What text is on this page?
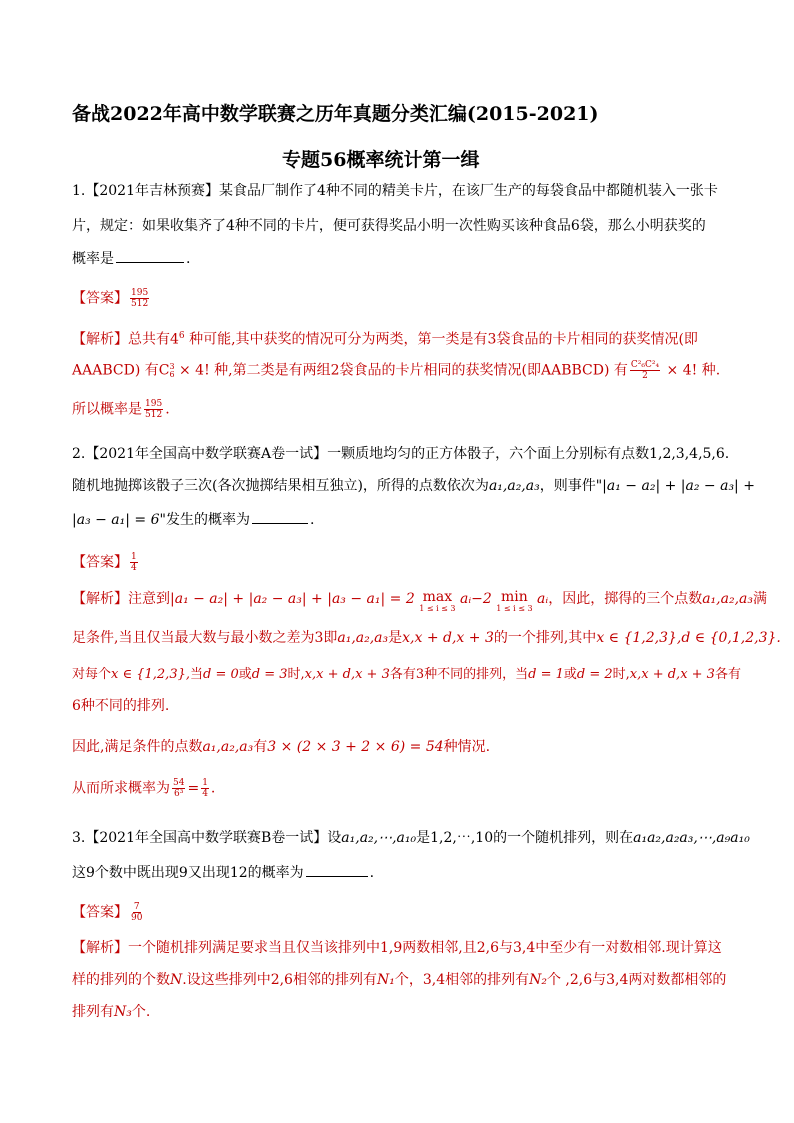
备战2022年高中数学联赛之历年真题分类汇编(2015-2021)
专题56概率统计第一缉
1.【2021年吉林预赛】某食品厂制作了4种不同的精美卡片，在该厂生产的每袋食品中都随机装入一张卡
片，规定：如果收集齐了4种不同的卡片，便可获得奖品小明一次性购买该种食品6袋，那么小明获奖的
概率是	.
【答案】 $\frac{195}{512}$
【解析】总共有$4^6$ 种可能,其中获奖的情况可分为两类，第一类是有3袋食品的卡片相同的获奖情况(即
AAABCD) 有C 3
6 × 4! 种,第二类是有两组2袋食品的卡片相同的获奖情况(即AABBCD) 有 $\frac{\text{C²₆C²₄}}{2} \times 4$! 种.
所以概率是 $\frac{195}{512}$ .
2.【2021年全国高中数学联赛A卷一试】一颗质地均匀的正方体骰子，六个面上分别标有点数1,2,3,4,5,6.
随机地抛掷该骰子三次(各次抛掷结果相互独立)，所得的点数依次为a₁,a₂,a₃，则事件"|a₁ − a₂| + |a₂ − a₃| +
|a₃ − a₁| = 6"发生的概率为	.
【答案】 $\frac{1}{4}$
【解析】注意到|a₁ − a₂| + |a₂ − a₃| + |a₃ − a₁| = 2 max
1 ≤ i ≤ 3
aᵢ−2 min
1 ≤ i ≤ 3
aᵢ，因此，掷得的三个点数a₁,a₂,a₃满
足条件,当且仅当最大数与最小数之差为3即a₁,a₂,a₃是x,x + d,x + 3的一个排列,其中x ∈ {1,2,3},d ∈ {0,1,2,3}.
对每个x ∈ {1,2,3},当d = 0或d = 3时,x,x + d,x + 3各有3种不同的排列，当d = 1或d = 2时,x,x + d,x + 3各有
6种不同的排列.
因此,满足条件的点数a₁,a₂,a₃有3 × (2 × 3 + 2 × 6) = 54种情况.
从而所求概率为 $\frac{54}{\text{6³}} = \frac{1}{4}$ .
3.【2021年全国高中数学联赛B卷一试】设a₁,a₂,⋯,a₁₀是1,2,⋯,10的一个随机排列，则在a₁a₂,a₂a₃,⋯,a₉a₁₀
这9个数中既出现9又出现12的概率为	.
【答案】 $\frac{7}{90}$
【解析】一个随机排列满足要求当且仅当该排列中1,9两数相邻,且2,6与3,4中至少有一对数相邻.现计算这
样的排列的个数N.设这些排列中2,6相邻的排列有N₁个，3,4相邻的排列有N₂个 ,2,6与3,4两对数都相邻的
排列有N₃个.
